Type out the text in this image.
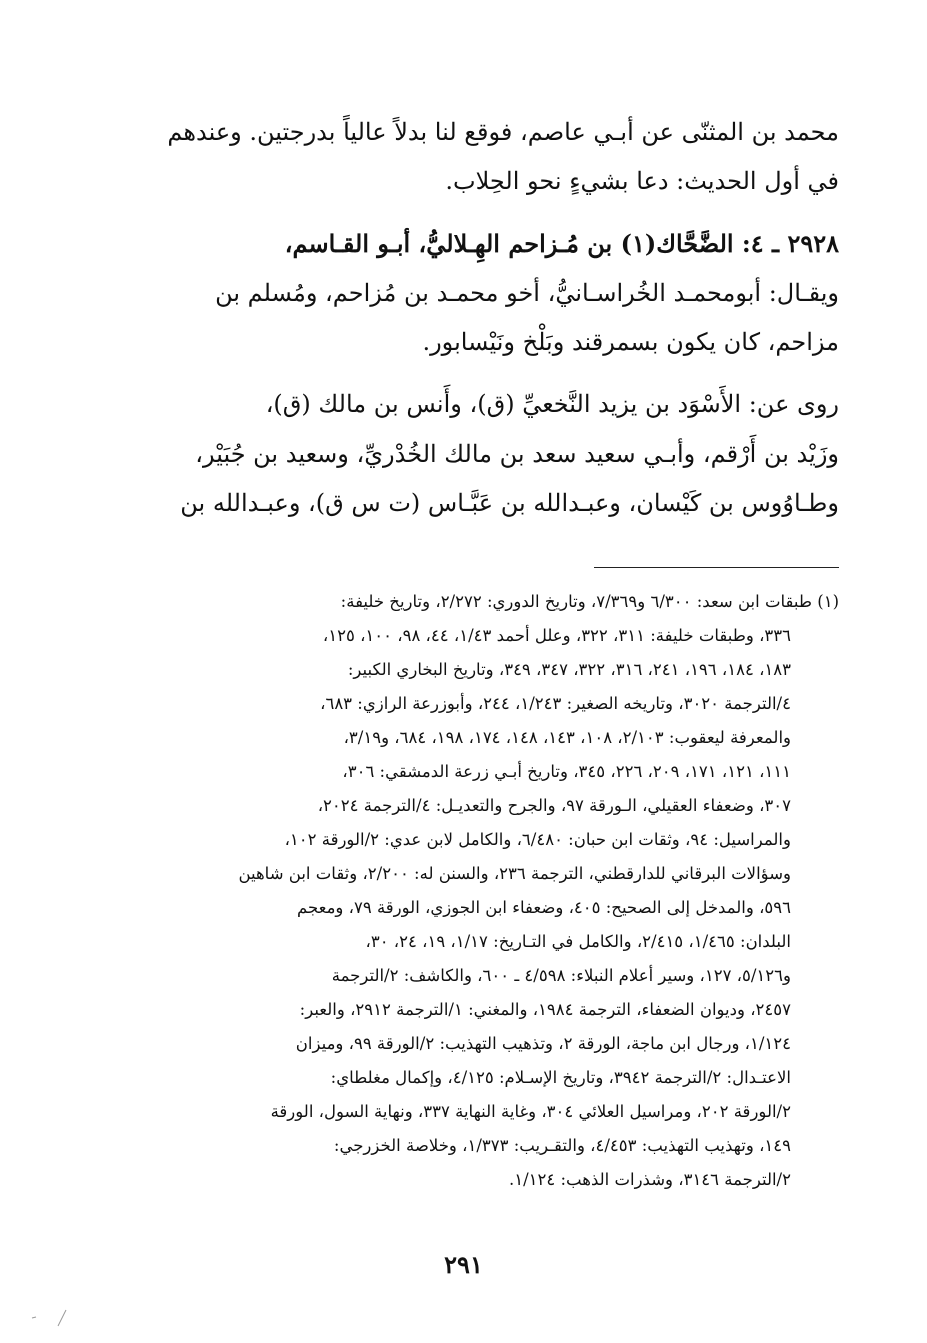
محمد بن المثنّى عن أبـي عاصم، فوقع لنا بدلاً عالياً بدرجتين. وعندهم
في أول الحديث: دعا بشيءٍ نحو الحِلاب.
٢٩٢٨ ـ ٤: الضَّحَّاك(١) بن مُـزاحم الهِـلاليُّ، أبـو القـاسم،
ويقـال: أبومحمـد الخُراسـانيُّ، أخو محمـد بن مُزاحم، ومُسلم بن
مزاحم، كان يكون بسمرقند وبَلْخ ونَيْسابور.
روى عن: الأَسْوَد بن يزيد النَّخعيِّ (ق)، وأَنس بن مالك (ق)،
وزَيْد بن أَرْقم، وأبـي سعيد سعد بن مالك الخُدْريِّ، وسعيد بن جُبَيْر،
وطـاوُوس بن كَيْسان، وعبـدالله بن عَبَّـاس (ت س ق)، وعبـدالله بن
(١) طبقات ابن سعد: ٦/٣٠٠ و٧/٣٦٩، وتاريخ الدوري: ٢/٢٧٢، وتاريخ خليفة:
٣٣٦، وطبقات خليفة: ٣١١، ٣٢٢، وعلل أحمد ١/٤٣، ٤٤، ٩٨، ١٠٠، ١٢٥،
١٨٣، ١٨٤، ١٩٦، ٢٤١، ٣١٦، ٣٢٢، ٣٤٧، ٣٤٩، وتاريخ البخاري الكبير:
٤/الترجمة ٣٠٢٠، وتاريخه الصغير: ١/٢٤٣، ٢٤٤، وأبوزرعة الرازي: ٦٨٣،
والمعرفة ليعقوب: ٢/١٠٣، ١٠٨، ١٤٣، ١٤٨، ١٧٤، ١٩٨، ٦٨٤، و٣/١٩،
١١١، ١٢١، ١٧١، ٢٠٩، ٢٢٦، ٣٤٥، وتاريخ أبـي زرعة الدمشقي: ٣٠٦،
٣٠٧، وضعفاء العقيلي، الـورقة ٩٧، والجرح والتعديـل: ٤/الترجمة ٢٠٢٤،
والمراسيل: ٩٤، وثقات ابن حبان: ٦/٤٨٠، والكامل لابن عدي: ٢/الورقة ١٠٢،
وسؤالات البرقاني للدارقطني، الترجمة ٢٣٦، والسنن له: ٢/٢٠٠، وثقات ابن شاهين
٥٩٦، والمدخل إلى الصحيح: ٤٠٥، وضعفاء ابن الجوزي، الورقة ٧٩، ومعجم
البلدان: ١/٤٦٥، ٢/٤١٥، والكامل في التـاريخ: ١/١٧، ١٩، ٢٤، ٣٠،
و٥/١٢٦، ١٢٧، وسير أعلام النبلاء: ٤/٥٩٨ ـ ٦٠٠، والكاشف: ٢/الترجمة
٢٤٥٧، وديوان الضعفاء، الترجمة ١٩٨٤، والمغني: ١/الترجمة ٢٩١٢، والعبر:
١/١٢٤، ورجال ابن ماجة، الورقة ٢، وتذهيب التهذيب: ٢/الورقة ٩٩، وميزان
الاعتـدال: ٢/الترجمة ٣٩٤٢، وتاريخ الإسـلام: ٤/١٢٥، وإكمال مغلطاي:
٢/الورقة ٢٠٢، ومراسيل العلائي ٣٠٤، وغاية النهاية ٣٣٧، ونهاية السول، الورقة
١٤٩، وتهذيب التهذيب: ٤/٤٥٣، والتقـريب: ١/٣٧٣، وخلاصة الخزرجي:
٢/الترجمة ٣١٤٦، وشذرات الذهب: ١/١٢٤.
٢٩١
